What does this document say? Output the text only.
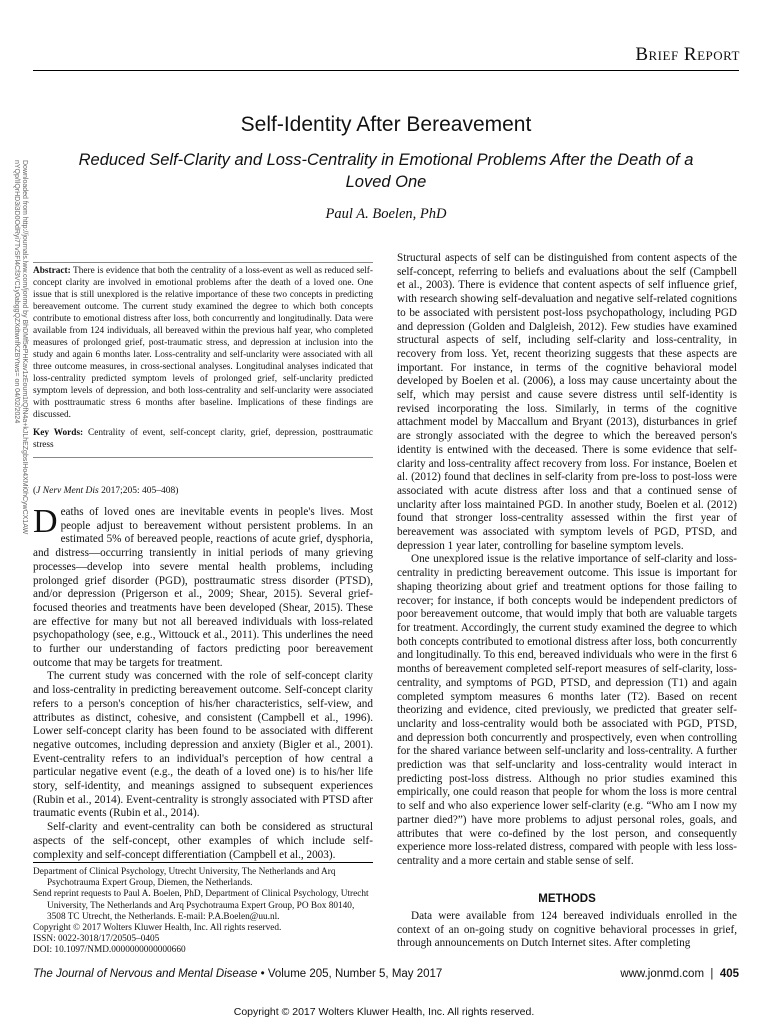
Brief Report
Self-Identity After Bereavement
Reduced Self-Clarity and Loss-Centrality in Emotional Problems After the Death of a Loved One
Paul A. Boelen, PhD
Downloaded from http://journals.lww.com/jonmd by BhDMf5ePHKav1zEoum1tQfN4a+kJLhEZgbsIHo4XMi0hCywCX1AW
nYQp/IlQrHD3i3D0OdRyi7TvSFl4Cf3VC1y0abggQZXdtwnfKZBYtws= on 04/02/2024 Abstract: There is evidence that both the centrality of a loss-event as well as reduced self-concept clarity are involved in emotional problems after the death of a loved one. One issue that is still unexplored is the relative importance of these two concepts in predicting bereavement outcome. The current study examined the degree to which both concepts contribute to emotional distress after loss, both concurrently and longitudinally. Data were available from 124 individuals, all bereaved within the previous half year, who completed measures of prolonged grief, post-traumatic stress, and depression at inclusion into the study and again 6 months later. Loss-centrality and self-unclarity were associated with all three outcome measures, in cross-sectional analyses. Longitudinal analyses indicated that loss-centrality predicted symptom levels of prolonged grief, self-unclarity predicted symptom levels of depression, and both loss-centrality and self-unclarity were associated with posttraumatic stress 6 months after baseline. Implications of these findings are discussed.

Key Words: Centrality of event, self-concept clarity, grief, depression, posttraumatic stress

(J Nerv Ment Dis 2017;205: 405–408)

Deaths of loved ones are inevitable events in people's lives. Most people adjust to bereavement without persistent problems. In an estimated 5% of bereaved people, reactions of acute grief, dysphoria, and distress—occurring transiently in initial periods of many grieving processes—develop into severe mental health problems, including prolonged grief disorder (PGD), posttraumatic stress disorder (PTSD), and/or depression (Prigerson et al., 2009; Shear, 2015). Several grief-focused theories and treatments have been developed (Shear, 2015). These are effective for many but not all bereaved individuals with loss-related psychopathology (see, e.g., Wittouck et al., 2011). This underlines the need to further our understanding of factors predicting poor bereavement outcome that may be targets for treatment.

The current study was concerned with the role of self-concept clarity and loss-centrality in predicting bereavement outcome. Self-concept clarity refers to a person's conception of his/her characteristics, self-view, and attributes as distinct, cohesive, and consistent (Campbell et al., 1996). Lower self-concept clarity has been found to be associated with different negative outcomes, including depression and anxiety (Bigler et al., 2001). Event-centrality refers to an individual's perception of how central a particular negative event (e.g., the death of a loved one) is to his/her life story, self-identity, and meanings assigned to subsequent experiences (Rubin et al., 2014). Event-centrality is strongly associated with PTSD after traumatic events (Rubin et al., 2014).

Self-clarity and event-centrality can both be considered as structural aspects of the self-concept, other examples of which include self-complexity and self-concept differentiation (Campbell et al., 2003).

Department of Clinical Psychology, Utrecht University, The Netherlands and Arq Psychotrauma Expert Group, Diemen, the Netherlands.
Send reprint requests to Paul A. Boelen, PhD, Department of Clinical Psychology, Utrecht University, The Netherlands and Arq Psychotrauma Expert Group, PO Box 80140, 3508 TC Utrecht, the Netherlands. E-mail: P.A.Boelen@uu.nl.
Copyright © 2017 Wolters Kluwer Health, Inc. All rights reserved.
ISSN: 0022-3018/17/20505–0405
DOI: 10.1097/NMD.0000000000000660

Structural aspects of self can be distinguished from content aspects of the self-concept, referring to beliefs and evaluations about the self (Campbell et al., 2003). There is evidence that content aspects of self influence grief, with research showing self-devaluation and negative self-related cognitions to be associated with persistent post-loss psychopathology, including PGD and depression (Golden and Dalgleish, 2012). Few studies have examined structural aspects of self, including self-clarity and loss-centrality, in recovery from loss. Yet, recent theorizing suggests that these aspects are important. For instance, in terms of the cognitive behavioral model developed by Boelen et al. (2006), a loss may cause uncertainty about the self, which may persist and cause severe distress until self-identity is revised incorporating the loss. Similarly, in terms of the cognitive attachment model by Maccallum and Bryant (2013), disturbances in grief are strongly associated with the degree to which the bereaved person's identity is entwined with the deceased. There is some evidence that self-clarity and loss-centrality affect recovery from loss. For instance, Boelen et al. (2012) found that declines in self-clarity from pre-loss to post-loss were associated with acute distress after loss and that a continued sense of unclarity after loss maintained PGD. In another study, Boelen et al. (2012) found that stronger loss-centrality assessed within the first year of bereavement was associated with symptom levels of PGD, PTSD, and depression 1 year later, controlling for baseline symptom levels.

One unexplored issue is the relative importance of self-clarity and loss-centrality in predicting bereavement outcome. This issue is important for shaping theorizing about grief and treatment options for those failing to recover; for instance, if both concepts would be independent predictors of poor bereavement outcome, that would imply that both are valuable targets for treatment. Accordingly, the current study examined the degree to which both concepts contributed to emotional distress after loss, both concurrently and longitudinally. To this end, bereaved individuals who were in the first 6 months of bereavement completed self-report measures of self-clarity, loss-centrality, and symptoms of PGD, PTSD, and depression (T1) and again completed symptom measures 6 months later (T2). Based on recent theorizing and evidence, cited previously, we predicted that greater self-unclarity and loss-centrality would both be associated with PGD, PTSD, and depression both concurrently and prospectively, even when controlling for the shared variance between self-unclarity and loss-centrality. A further prediction was that self-unclarity and loss-centrality would interact in predicting post-loss distress. Although no prior studies examined this empirically, one could reason that people for whom the loss is more central to self and who also experience lower self-clarity (e.g. “Who am I now my partner died?”) have more problems to adjust personal roles, goals, and attributes that were co-defined by the lost person, and consequently experience more loss-related distress, compared with people with less loss-centrality and a more certain and stable sense of self.

METHODS

Data were available from 124 bereaved individuals enrolled in the context of an on-going study on cognitive behavioral processes in grief, through announcements on Dutch Internet sites. After completing

The Journal of Nervous and Mental Disease • Volume 205, Number 5, May 2017	www.jonmd.com  |  405
Copyright © 2017 Wolters Kluwer Health, Inc. All rights reserved.
